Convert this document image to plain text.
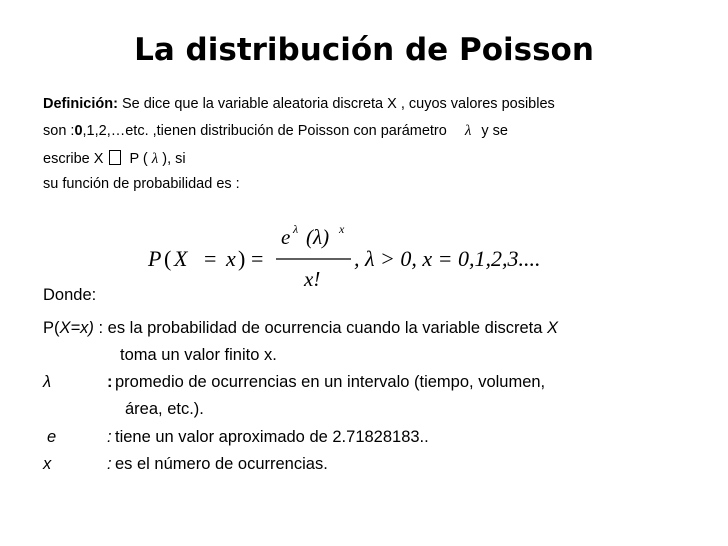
La distribución de Poisson
Definición: Se dice que la variable aleatoria discreta X , cuyos valores posibles
son :0,1,2,…etc. ,tienen distribución de Poisson con parámetro λ y se
escribe X P ( λ ), si
su función de probabilidad es :
P ( X = x ) =
e λ (λ) x
x!
, λ > 0, x = 0,1,2,3....
Donde:
P(X=x) : es la probabilidad de ocurrencia cuando la variable discreta X
toma un valor finito x.
λ	: promedio de ocurrencias en un intervalo (tiempo, volumen,
área, etc.).
e	: tiene un valor aproximado de 2.71828183..
x	: es el número de ocurrencias.
